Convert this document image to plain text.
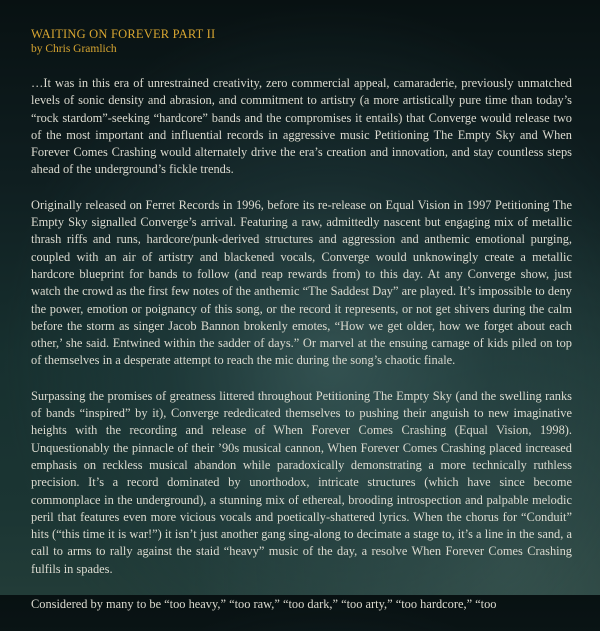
WAITING ON FOREVER PART II
by Chris Gramlich

…It was in this era of unrestrained creativity, zero commercial appeal, camaraderie, previously unmatched levels of sonic density and abrasion, and commitment to artistry (a more artistically pure time than today’s “rock stardom”-seeking “hardcore” bands and the compromises it entails) that Converge would release two of the most important and influential records in aggressive music Petitioning The Empty Sky and When Forever Comes Crashing would alternately drive the era’s creation and innovation, and stay countless steps ahead of the underground’s fickle trends.

Originally released on Ferret Records in 1996, before its re-release on Equal Vision in 1997 Petitioning The Empty Sky signalled Converge’s arrival. Featuring a raw, admittedly nascent but engaging mix of metallic thrash riffs and runs, hardcore/punk-derived structures and aggression and anthemic emotional purging, coupled with an air of artistry and blackened vocals, Converge would unknowingly create a metallic hardcore blueprint for bands to follow (and reap rewards from) to this day. At any Converge show, just watch the crowd as the first few notes of the anthemic “The Saddest Day” are played. It’s impossible to deny the power, emotion or poignancy of this song, or the record it represents, or not get shivers during the calm before the storm as singer Jacob Bannon brokenly emotes, “How we get older, how we forget about each other,’ she said. Entwined within the sadder of days.” Or marvel at the ensuing carnage of kids piled on top of themselves in a desperate attempt to reach the mic during the song’s chaotic finale.

Surpassing the promises of greatness littered throughout Petitioning The Empty Sky (and the swelling ranks of bands “inspired” by it), Converge rededicated themselves to pushing their anguish to new imaginative heights with the recording and release of When Forever Comes Crashing (Equal Vision, 1998). Unquestionably the pinnacle of their ’90s musical cannon, When Forever Comes Crashing placed increased emphasis on reckless musical abandon while paradoxically demonstrating a more technically ruthless precision. It’s a record dominated by unorthodox, intricate structures (which have since become commonplace in the underground), a stunning mix of ethereal, brooding introspection and palpable melodic peril that features even more vicious vocals and poetically-shattered lyrics. When the chorus for “Conduit” hits (“this time it is war!”) it isn’t just another gang sing-along to decimate a stage to, it’s a line in the sand, a call to arms to rally against the staid “heavy” music of the day, a resolve When Forever Comes Crashing fulfils in spades.

Considered by many to be “too heavy,” “too raw,” “too dark,” “too arty,” “too hardcore,” “too
